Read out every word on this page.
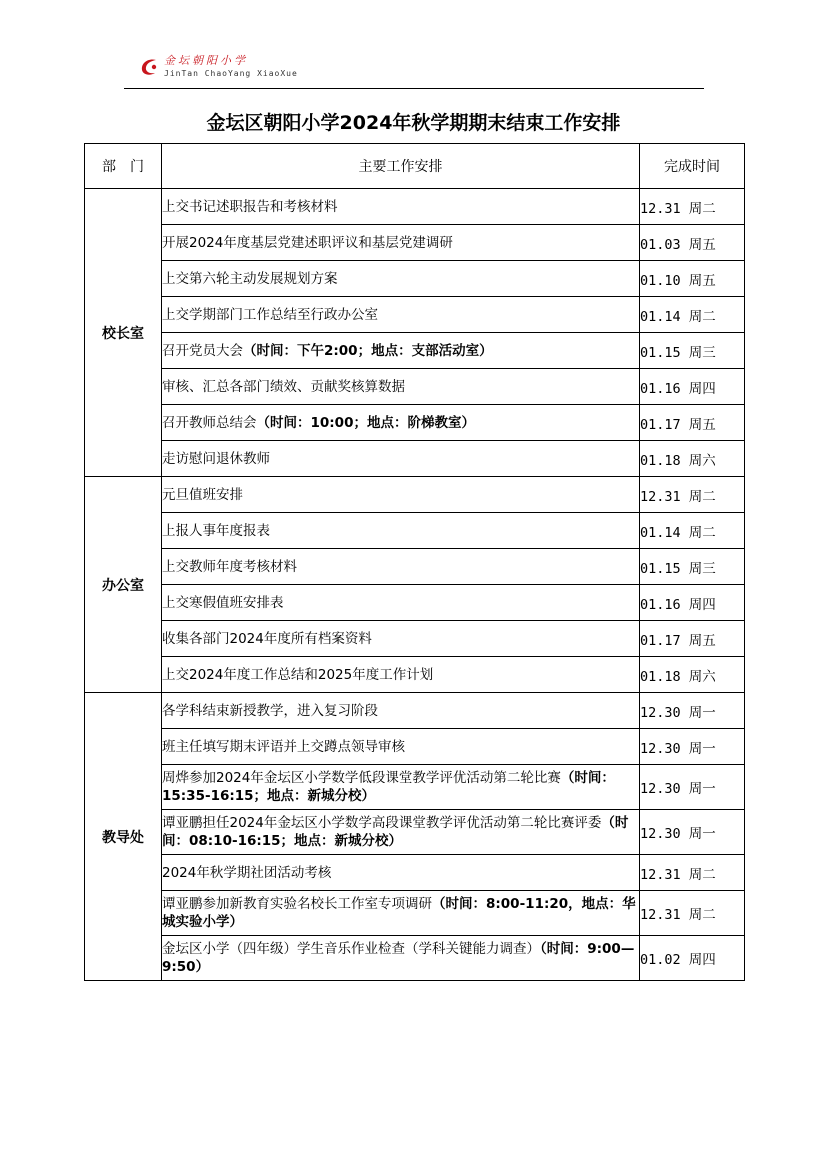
金坛朝阳小学
JinTan ChaoYang XiaoXue
金坛区朝阳小学2024年秋学期期末结束工作安排
部　门	主要工作安排	完成时间
校长室	上交书记述职报告和考核材料	12.31 周二
	开展2024年度基层党建述职评议和基层党建调研	01.03 周五
	上交第六轮主动发展规划方案	01.10 周五
	上交学期部门工作总结至行政办公室	01.14 周二
	召开党员大会（时间：下午2:00；地点：支部活动室）	01.15 周三
	审核、汇总各部门绩效、贡献奖核算数据	01.16 周四
	召开教师总结会（时间：10:00；地点：阶梯教室）	01.17 周五
	走访慰问退休教师	01.18 周六
办公室	元旦值班安排	12.31 周二
	上报人事年度报表	01.14 周二
	上交教师年度考核材料	01.15 周三
	上交寒假值班安排表	01.16 周四
	收集各部门2024年度所有档案资料	01.17 周五
	上交2024年度工作总结和2025年度工作计划	01.18 周六
教导处	各学科结束新授教学，进入复习阶段	12.30 周一
	班主任填写期末评语并上交蹲点领导审核	12.30 周一
	周烨参加2024年金坛区小学数学低段课堂教学评优活动第二轮比赛（时间：15:35-16:15；地点：新城分校）	12.30 周一
	谭亚鹏担任2024年金坛区小学数学高段课堂教学评优活动第二轮比赛评委（时间：08:10-16:15；地点：新城分校）	12.30 周一
	2024年秋学期社团活动考核	12.31 周二
	谭亚鹏参加新教育实验名校长工作室专项调研（时间：8:00-11:20，地点：华城实验小学）	12.31 周二
	金坛区小学（四年级）学生音乐作业检查（学科关键能力调查）（时间：9:00—9:50）	01.02 周四
